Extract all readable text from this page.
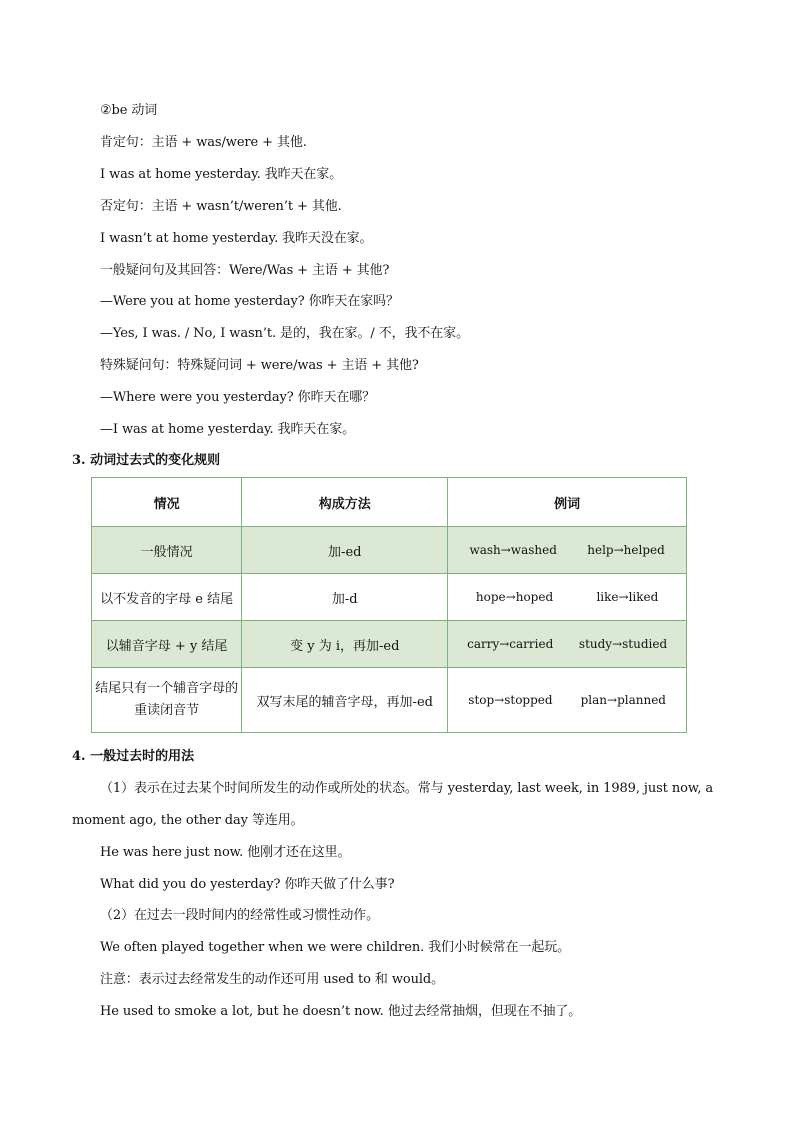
②be 动词
肯定句：主语 + was/were + 其他.
I was at home yesterday. 我昨天在家。
否定句：主语 + wasn’t/weren’t + 其他.
I wasn’t at home yesterday. 我昨天没在家。
一般疑问句及其回答：Were/Was + 主语 + 其他?
—Were you at home yesterday? 你昨天在家吗？
—Yes, I was. / No, I wasn’t. 是的，我在家。/ 不，我不在家。
特殊疑问句：特殊疑问词 + were/was + 主语 + 其他?
—Where were you yesterday? 你昨天在哪？
—I was at home yesterday. 我昨天在家。
3. 动词过去式的变化规则
情况	构成方法	例词
一般情况	加-ed	wash→washed help→helped

以不发音的字母 e 结尾	加-d	hope→hoped like→liked

以辅音字母 + y 结尾	变 y 为 i，再加-ed	carry→carried study→studied

结尾只有一个辅音字母的重读闭音节	双写末尾的辅音字母，再加-ed	stop→stopped plan→planned
4. 一般过去时的用法
（1）表示在过去某个时间所发生的动作或所处的状态。常与 yesterday, last week, in 1989, just now, a
moment ago, the other day 等连用。
He was here just now. 他刚才还在这里。
What did you do yesterday? 你昨天做了什么事?
（2）在过去一段时间内的经常性或习惯性动作。
We often played together when we were children. 我们小时候常在一起玩。
注意：表示过去经常发生的动作还可用 used to 和 would。
He used to smoke a lot, but he doesn’t now. 他过去经常抽烟，但现在不抽了。
